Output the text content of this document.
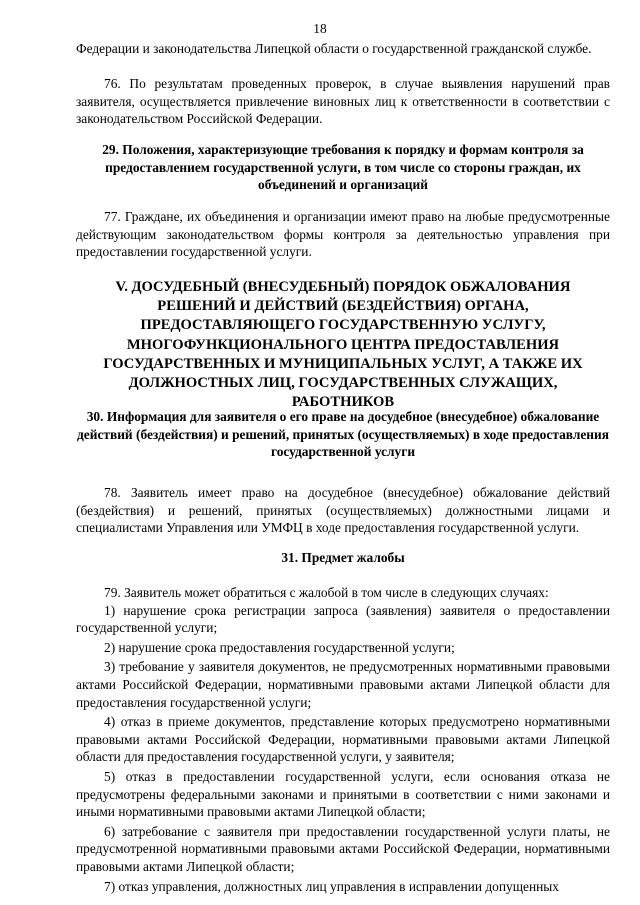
18

Федерации и законодательства Липецкой области о государственной гражданской службе.

76. По результатам проведенных проверок, в случае выявления нарушений прав заявителя, осуществляется привлечение виновных лиц к ответственности в соответствии с законодательством Российской Федерации.

29. Положения, характеризующие требования к порядку и формам контроля за предоставлением государственной услуги, в том числе со стороны граждан, их объединений и организаций

77. Граждане, их объединения и организации имеют право на любые предусмотренные действующим законодательством формы контроля за деятельностью управления при предоставлении государственной услуги.

V. ДОСУДЕБНЫЙ (ВНЕСУДЕБНЫЙ) ПОРЯДОК ОБЖАЛОВАНИЯ РЕШЕНИЙ И ДЕЙСТВИЙ (БЕЗДЕЙСТВИЯ) ОРГАНА, ПРЕДОСТАВЛЯЮЩЕГО ГОСУДАРСТВЕННУЮ УСЛУГУ, МНОГОФУНКЦИОНАЛЬНОГО ЦЕНТРА ПРЕДОСТАВЛЕНИЯ ГОСУДАРСТВЕННЫХ И МУНИЦИПАЛЬНЫХ УСЛУГ, А ТАКЖЕ ИХ ДОЛЖНОСТНЫХ ЛИЦ, ГОСУДАРСТВЕННЫХ СЛУЖАЩИХ, РАБОТНИКОВ

30. Информация для заявителя о его праве на досудебное (внесудебное) обжалование действий (бездействия) и решений, принятых (осуществляемых) в ходе предоставления государственной услуги

78. Заявитель имеет право на досудебное (внесудебное) обжалование действий (бездействия) и решений, принятых (осуществляемых) должностными лицами и специалистами Управления или УМФЦ в ходе предоставления государственной услуги.

31. Предмет жалобы

79. Заявитель может обратиться с жалобой в том числе в следующих случаях:

1) нарушение срока регистрации запроса (заявления) заявителя о предоставлении государственной услуги;

2) нарушение срока предоставления государственной услуги;

3) требование у заявителя документов, не предусмотренных нормативными правовыми актами Российской Федерации, нормативными правовыми актами Липецкой области для предоставления государственной услуги;

4) отказ в приеме документов, представление которых предусмотрено нормативными правовыми актами Российской Федерации, нормативными правовыми актами Липецкой области для предоставления государственной услуги, у заявителя;

5) отказ в предоставлении государственной услуги, если основания отказа не предусмотрены федеральными законами и принятыми в соответствии с ними законами и иными нормативными правовыми актами Липецкой области;

6) затребование с заявителя при предоставлении государственной услуги платы, не предусмотренной нормативными правовыми актами Российской Федерации, нормативными правовыми актами Липецкой области;

7) отказ управления, должностных лиц управления в исправлении допущенных
